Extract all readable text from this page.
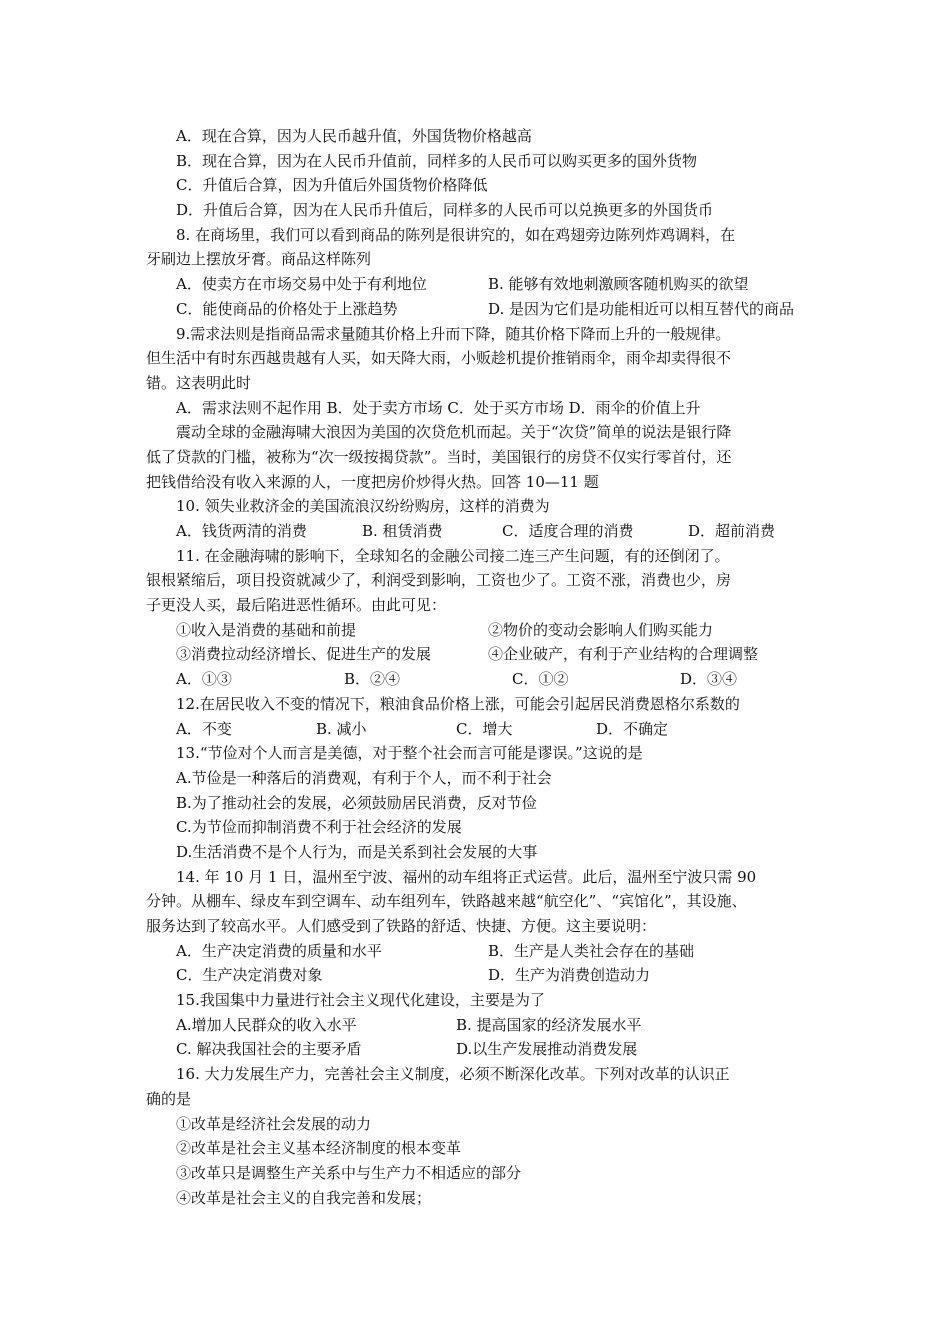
A．现在合算，因为人民币越升值，外国货物价格越高
B．现在合算，因为在人民币升值前，同样多的人民币可以购买更多的国外货物
C．升值后合算，因为升值后外国货物价格降低
D．升值后合算，因为在人民币升值后，同样多的人民币可以兑换更多的外国货币
8. 在商场里，我们可以看到商品的陈列是很讲究的，如在鸡翅旁边陈列炸鸡调料，在
牙刷边上摆放牙膏。商品这样陈列
A．使卖方在市场交易中处于有利地位	B. 能够有效地刺激顾客随机购买的欲望
C．能使商品的价格处于上涨趋势	D. 是因为它们是功能相近可以相互替代的商品
9.需求法则是指商品需求量随其价格上升而下降，随其价格下降而上升的一般规律。
但生活中有时东西越贵越有人买，如天降大雨，小贩趁机提价推销雨伞，雨伞却卖得很不
错。这表明此时
A．需求法则不起作用 B．处于卖方市场 C．处于买方市场 D．雨伞的价值上升
震动全球的金融海啸大浪因为美国的次贷危机而起。关于“次贷”简单的说法是银行降
低了贷款的门槛，被称为“次一级按揭贷款”。当时，美国银行的房贷不仅实行零首付，还
把钱借给没有收入来源的人，一度把房价炒得火热。回答 10—11 题
10. 领失业救济金的美国流浪汉纷纷购房，这样的消费为
A．钱货两清的消费	B. 租赁消费	C．适度合理的消费	D．超前消费
11. 在金融海啸的影响下，全球知名的金融公司接二连三产生问题，有的还倒闭了。
银根紧缩后，项目投资就减少了，利润受到影响，工资也少了。工资不涨，消费也少，房
子更没人买，最后陷进恶性循环。由此可见：
①收入是消费的基础和前提	②物价的变动会影响人们购买能力
③消费拉动经济增长、促进生产的发展	④企业破产，有利于产业结构的合理调整
A．①③	B．②④	C．①②	D．③④
12.在居民收入不变的情况下，粮油食品价格上涨，可能会引起居民消费恩格尔系数的
A．不变	B. 减小	C．增大	D．不确定
13.“节俭对个人而言是美德，对于整个社会而言可能是谬误。”这说的是
A.节俭是一种落后的消费观，有利于个人，而不利于社会
B.为了推动社会的发展，必须鼓励居民消费，反对节俭
C.为节俭而抑制消费不利于社会经济的发展
D.生活消费不是个人行为，而是关系到社会发展的大事
14. 年 10 月 1 日，温州至宁波、福州的动车组将正式运营。此后，温州至宁波只需 90
分钟。从棚车、绿皮车到空调车、动车组列车，铁路越来越“航空化”、“宾馆化”，其设施、
服务达到了较高水平。人们感受到了铁路的舒适、快捷、方便。这主要说明：
A．生产决定消费的质量和水平	B．生产是人类社会存在的基础
C．生产决定消费对象	D．生产为消费创造动力
15.我国集中力量进行社会主义现代化建设，主要是为了
A.增加人民群众的收入水平	B. 提高国家的经济发展水平
C. 解决我国社会的主要矛盾	D.以生产发展推动消费发展
16. 大力发展生产力，完善社会主义制度，必须不断深化改革。下列对改革的认识正
确的是
①改革是经济社会发展的动力
②改革是社会主义基本经济制度的根本变革
③改革只是调整生产关系中与生产力不相适应的部分
④改革是社会主义的自我完善和发展；
